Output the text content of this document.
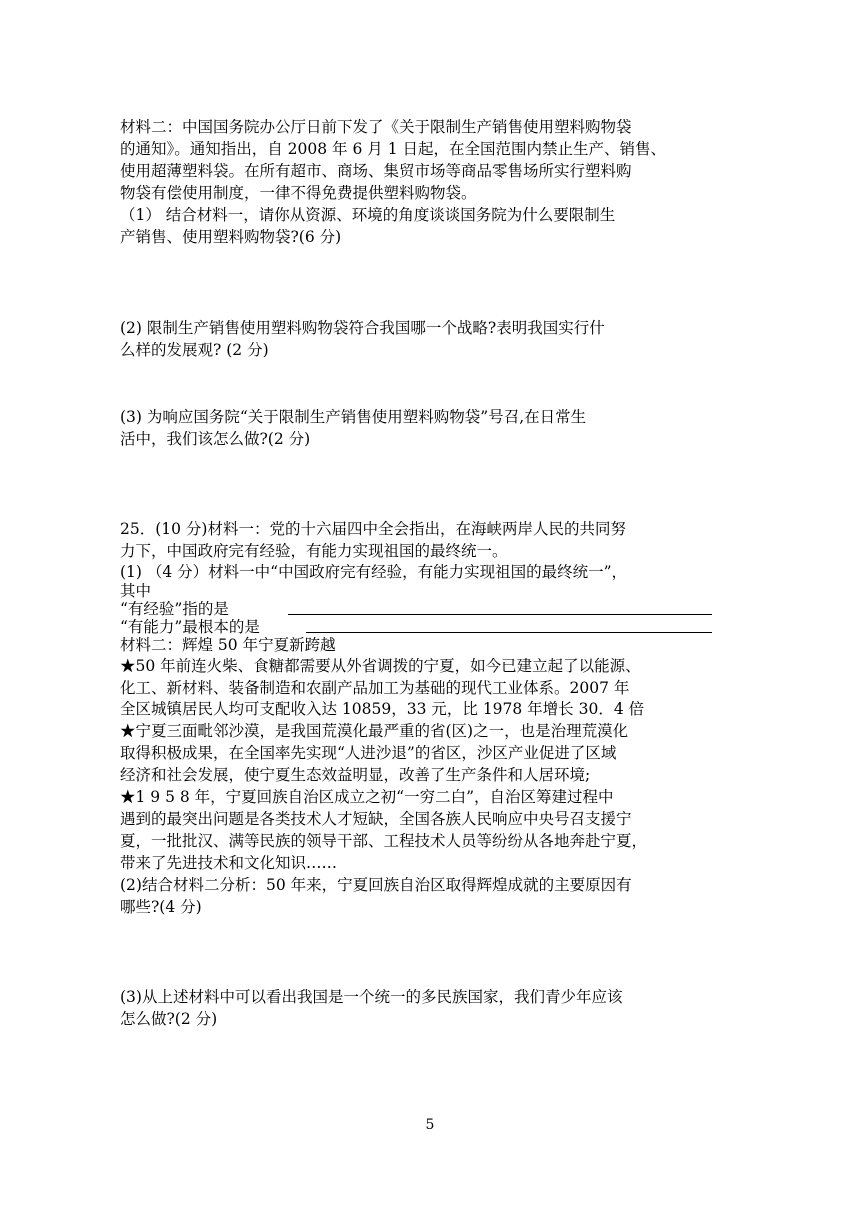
材料二：中国国务院办公厅日前下发了《关于限制生产销售使用塑料购物袋
的通知》。通知指出，自 2008 年 6 月 1 日起，在全国范围内禁止生产、销售、
使用超薄塑料袋。在所有超市、商场、集贸市场等商品零售场所实行塑料购
物袋有偿使用制度，一律不得免费提供塑料购物袋。
（1） 结合材料一，请你从资源、环境的角度谈谈国务院为什么要限制生
产销售、使用塑料购物袋?(6 分)
(2) 限制生产销售使用塑料购物袋符合我国哪一个战略?表明我国实行什
么样的发展观? (2 分)
(3) 为响应国务院“关于限制生产销售使用塑料购物袋”号召,在日常生
活中，我们该怎么做?(2 分)
25．(10 分)材料一：党的十六届四中全会指出，在海峡两岸人民的共同努
力下，中国政府完有经验，有能力实现祖国的最终统一。
(1) （4 分）材料一中“中国政府完有经验，有能力实现祖国的最终统一”，
其中
“有经验”指的是
“有能力”最根本的是
材料二：辉煌 50 年宁夏新跨越
★50 年前连火柴、食糖都需要从外省调拨的宁夏，如今已建立起了以能源、
化工、新材料、装备制造和农副产品加工为基础的现代工业体系。2007 年
全区城镇居民人均可支配收入达 10859，33 元，比 1978 年增长 30．4 倍
★宁夏三面毗邻沙漠，是我国荒漠化最严重的省(区)之一，也是治理荒漠化
取得积极成果，在全国率先实现“人进沙退”的省区，沙区产业促进了区域
经济和社会发展，使宁夏生态效益明显，改善了生产条件和人居环境;
★1 9 5 8 年，宁夏回族自治区成立之初“一穷二白”，自治区筹建过程中
遇到的最突出问题是各类技术人才短缺，全国各族人民响应中央号召支援宁
夏，一批批汉、满等民族的领导干部、工程技术人员等纷纷从各地奔赴宁夏，
带来了先进技术和文化知识……
(2)结合材料二分析：50 年来，宁夏回族自治区取得辉煌成就的主要原因有
哪些?(4 分)
(3)从上述材料中可以看出我国是一个统一的多民族国家，我们青少年应该
怎么做?(2 分)
5
